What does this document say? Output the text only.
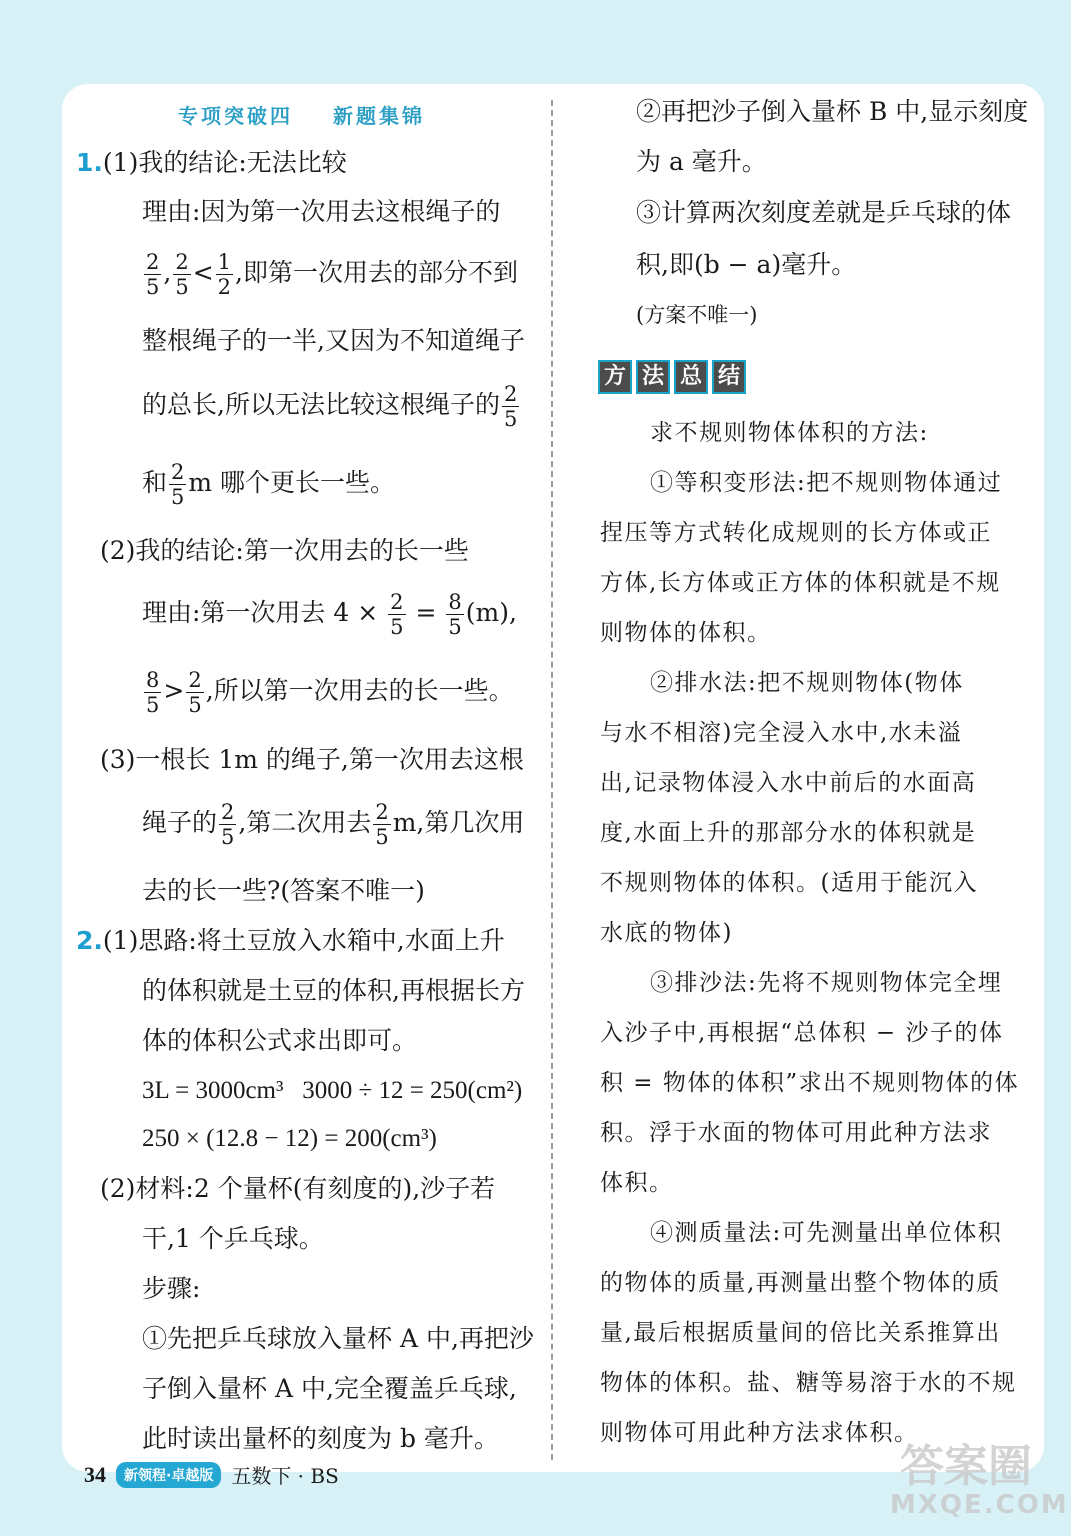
专项突破四 新题集锦
1.(1)我的结论:无法比较
理由:因为第一次用去这根绳子的
$\frac{2}{5}$ , $\frac{2}{5} < \frac{1}{2}$ ,即第一次用去的部分不到
整根绳子的一半,又因为不知道绳子
的总长,所以无法比较这根绳子的 $\frac{2}{5}$
和 $\frac{2}{5}$ m 哪个更长一些。
(2)我的结论:第一次用去的长一些
理由:第一次用去 $4 \times \frac{2}{5} = \frac{8}{5} (m)$,
$\frac{8}{5} > \frac{2}{5}$ ,所以第一次用去的长一些。
(3)一根长 1m 的绳子,第一次用去这根
绳子的 $\frac{2}{5}$ ,第二次用去 $\frac{2}{5} m$,第几次用
去的长一些?(答案不唯一)
2.(1)思路:将土豆放入水箱中,水面上升
的体积就是土豆的体积,再根据长方
体的体积公式求出即可。
3L = 3000cm³ 3000 ÷ 12 = 250(cm²)
250 × (12.8 − 12) = 200(cm³)
(2)材料:2 个量杯(有刻度的),沙子若
干,1 个乒乓球。
步骤:
①先把乒乓球放入量杯 A 中,再把沙
子倒入量杯 A 中,完全覆盖乒乓球,
此时读出量杯的刻度为 b 毫升。
②再把沙子倒入量杯 B 中,显示刻度
为 a 毫升。
③计算两次刻度差就是乒乓球的体
积,即(b − a)毫升。
(方案不唯一)
方 法 总 结
求不规则物体体积的方法:
①等积变形法:把不规则物体通过
捏压等方式转化成规则的长方体或正
方体,长方体或正方体的体积就是不规
则物体的体积。
②排水法:把不规则物体(物体
与水不相溶)完全浸入水中,水未溢
出,记录物体浸入水中前后的水面高
度,水面上升的那部分水的体积就是
不规则物体的体积。(适用于能沉入
水底的物体)
③排沙法:先将不规则物体完全埋
入沙子中,再根据“总体积 − 沙子的体
积 = 物体的体积”求出不规则物体的体
积。浮于水面的物体可用此种方法求
体积。
④测质量法:可先测量出单位体积
的物体的质量,再测量出整个物体的质
量,最后根据质量间的倍比关系推算出
物体的体积。盐、糖等易溶于水的不规
则物体可用此种方法求体积。
34	新领程·卓越版 五数下 · BS	答案圈
MXQE.COM
